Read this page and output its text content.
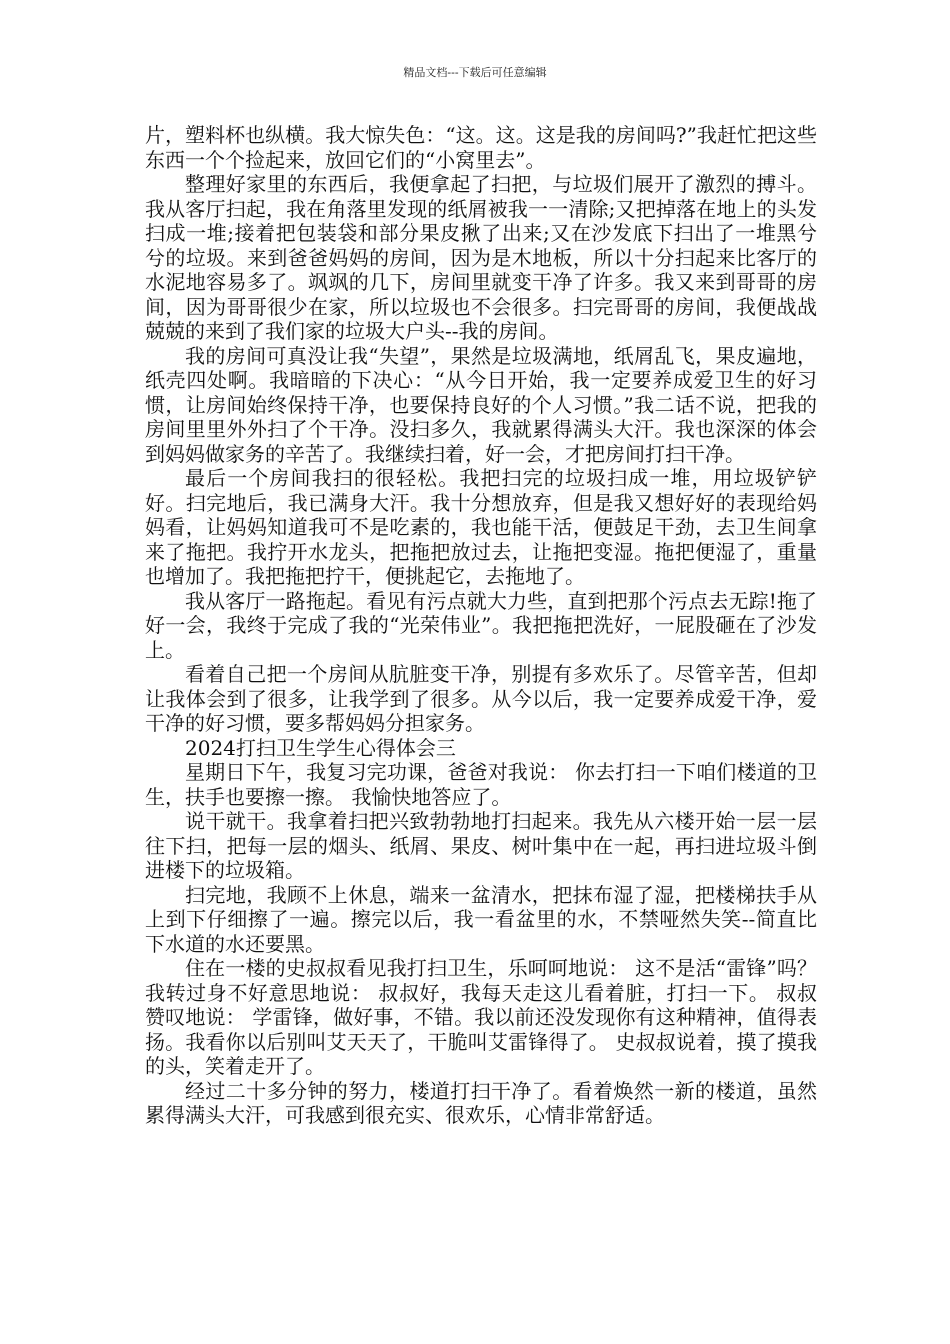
精品文档---下载后可任意编辑

片，塑料杯也纵横。我大惊失色：“这。这。这是我的房间吗?”我赶忙把这些东西一个个捡起来，放回它们的“小窝里去”。

整理好家里的东西后，我便拿起了扫把，与垃圾们展开了激烈的搏斗。我从客厅扫起，我在角落里发现的纸屑被我一一清除;又把掉落在地上的头发扫成一堆;接着把包装袋和部分果皮揪了出来;又在沙发底下扫出了一堆黑兮兮的垃圾。来到爸爸妈妈的房间，因为是木地板，所以十分扫起来比客厅的水泥地容易多了。飒飒的几下，房间里就变干净了许多。我又来到哥哥的房间，因为哥哥很少在家，所以垃圾也不会很多。扫完哥哥的房间，我便战战兢兢的来到了我们家的垃圾大户头--我的房间。

我的房间可真没让我“失望”，果然是垃圾满地，纸屑乱飞，果皮遍地，纸壳四处啊。我暗暗的下决心：“从今日开始，我一定要养成爱卫生的好习惯，让房间始终保持干净，也要保持良好的个人习惯。”我二话不说，把我的房间里里外外扫了个干净。没扫多久，我就累得满头大汗。我也深深的体会到妈妈做家务的辛苦了。我继续扫着，好一会，才把房间打扫干净。

最后一个房间我扫的很轻松。我把扫完的垃圾扫成一堆，用垃圾铲铲好。扫完地后，我已满身大汗。我十分想放弃，但是我又想好好的表现给妈妈看，让妈妈知道我可不是吃素的，我也能干活，便鼓足干劲，去卫生间拿来了拖把。我拧开水龙头，把拖把放过去，让拖把变湿。拖把便湿了，重量也增加了。我把拖把拧干，便挑起它，去拖地了。

我从客厅一路拖起。看见有污点就大力些，直到把那个污点去无踪!拖了好一会，我终于完成了我的“光荣伟业”。我把拖把洗好，一屁股砸在了沙发上。

看着自己把一个房间从肮脏变干净，别提有多欢乐了。尽管辛苦，但却让我体会到了很多，让我学到了很多。从今以后，我一定要养成爱干净，爱干净的好习惯，要多帮妈妈分担家务。

2024打扫卫生学生心得体会三

星期日下午，我复习完功课，爸爸对我说： 你去打扫一下咱们楼道的卫生，扶手也要擦一擦。 我愉快地答应了。

说干就干。我拿着扫把兴致勃勃地打扫起来。我先从六楼开始一层一层往下扫，把每一层的烟头、纸屑、果皮、树叶集中在一起，再扫进垃圾斗倒进楼下的垃圾箱。

扫完地，我顾不上休息，端来一盆清水，把抹布湿了湿，把楼梯扶手从上到下仔细擦了一遍。擦完以后，我一看盆里的水，不禁哑然失笑--简直比下水道的水还要黑。

住在一楼的史叔叔看见我打扫卫生，乐呵呵地说： 这不是活“雷锋”吗？ 我转过身不好意思地说： 叔叔好，我每天走这儿看着脏，打扫一下。 叔叔赞叹地说： 学雷锋，做好事，不错。我以前还没发现你有这种精神，值得表扬。我看你以后别叫艾天天了，干脆叫艾雷锋得了。 史叔叔说着，摸了摸我的头，笑着走开了。

经过二十多分钟的努力，楼道打扫干净了。看着焕然一新的楼道，虽然累得满头大汗，可我感到很充实、很欢乐，心情非常舒适。
